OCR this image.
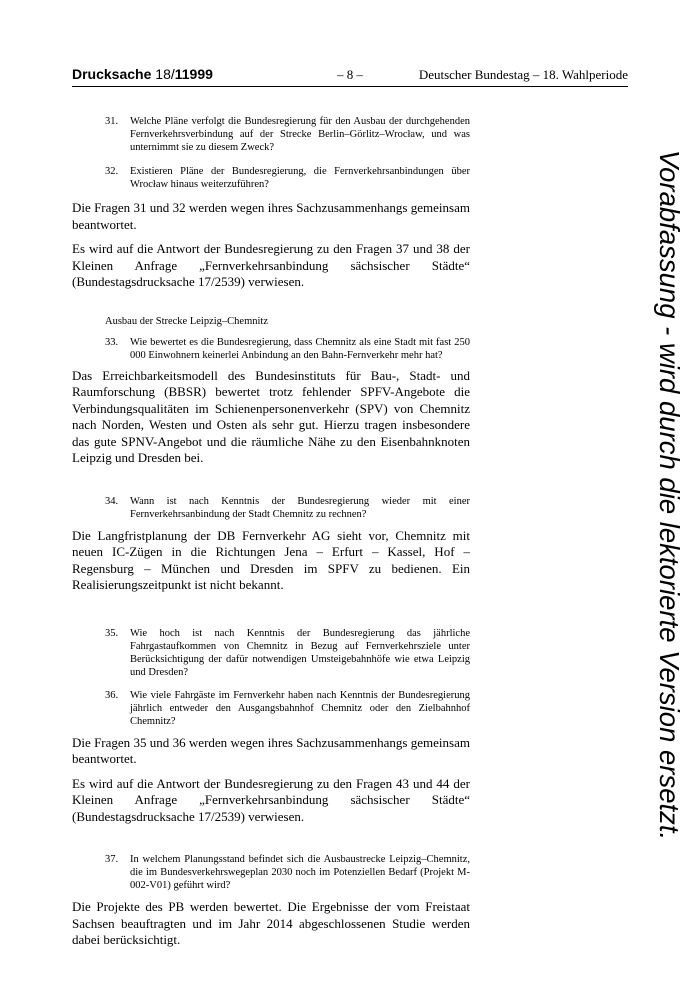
Drucksache 18/11999	– 8 –	Deutscher Bundestag – 18. Wahlperiode
31.	Welche Pläne verfolgt die Bundesregierung für den Ausbau der durchgehenden Fernverkehrsverbindung auf der Strecke Berlin–Görlitz–Wrocław, und was unternimmt sie zu diesem Zweck?
32.	Existieren Pläne der Bundesregierung, die Fernverkehrsanbindungen über Wrocław hinaus weiterzuführen?

Die Fragen 31 und 32 werden wegen ihres Sachzusammenhangs gemeinsam beantwortet.

Es wird auf die Antwort der Bundesregierung zu den Fragen 37 und 38 der Kleinen Anfrage „Fernverkehrsanbindung sächsischer Städte“ (Bundestagsdrucksache 17/2539) verwiesen.

Ausbau der Strecke Leipzig–Chemnitz
33.	Wie bewertet es die Bundesregierung, dass Chemnitz als eine Stadt mit fast 250 000 Einwohnern keinerlei Anbindung an den Bahn-Fernverkehr mehr hat?

Das Erreichbarkeitsmodell des Bundesinstituts für Bau-, Stadt- und Raumforschung (BBSR) bewertet trotz fehlender SPFV-Angebote die Verbindungsqualitäten im Schienenpersonenverkehr (SPV) von Chemnitz nach Norden, Westen und Osten als sehr gut. Hierzu tragen insbesondere das gute SPNV-Angebot und die räumliche Nähe zu den Eisenbahnknoten Leipzig und Dresden bei.

34.	Wann ist nach Kenntnis der Bundesregierung wieder mit einer Fernverkehrsanbindung der Stadt Chemnitz zu rechnen?

Die Langfristplanung der DB Fernverkehr AG sieht vor, Chemnitz mit neuen IC-Zügen in die Richtungen Jena – Erfurt – Kassel, Hof – Regensburg – München und Dresden im SPFV zu bedienen. Ein Realisierungszeitpunkt ist nicht bekannt.

35.	Wie hoch ist nach Kenntnis der Bundesregierung das jährliche Fahrgastaufkommen von Chemnitz in Bezug auf Fernverkehrsziele unter Berücksichtigung der dafür notwendigen Umsteigebahnhöfe wie etwa Leipzig und Dresden?
36.	Wie viele Fahrgäste im Fernverkehr haben nach Kenntnis der Bundesregierung jährlich entweder den Ausgangsbahnhof Chemnitz oder den Zielbahnhof Chemnitz?

Die Fragen 35 und 36 werden wegen ihres Sachzusammenhangs gemeinsam beantwortet.

Es wird auf die Antwort der Bundesregierung zu den Fragen 43 und 44 der Kleinen Anfrage „Fernverkehrsanbindung sächsischer Städte“ (Bundestagsdrucksache 17/2539) verwiesen.

37.	In welchem Planungsstand befindet sich die Ausbaustrecke Leipzig–Chemnitz, die im Bundesverkehrswegeplan 2030 noch im Potenziellen Bedarf (Projekt M-002-V01) geführt wird?

Die Projekte des PB werden bewertet. Die Ergebnisse der vom Freistaat Sachsen beauftragten und im Jahr 2014 abgeschlossenen Studie werden dabei berücksichtigt.

Vorabfassung - wird durch die lektorierte Version ersetzt.
